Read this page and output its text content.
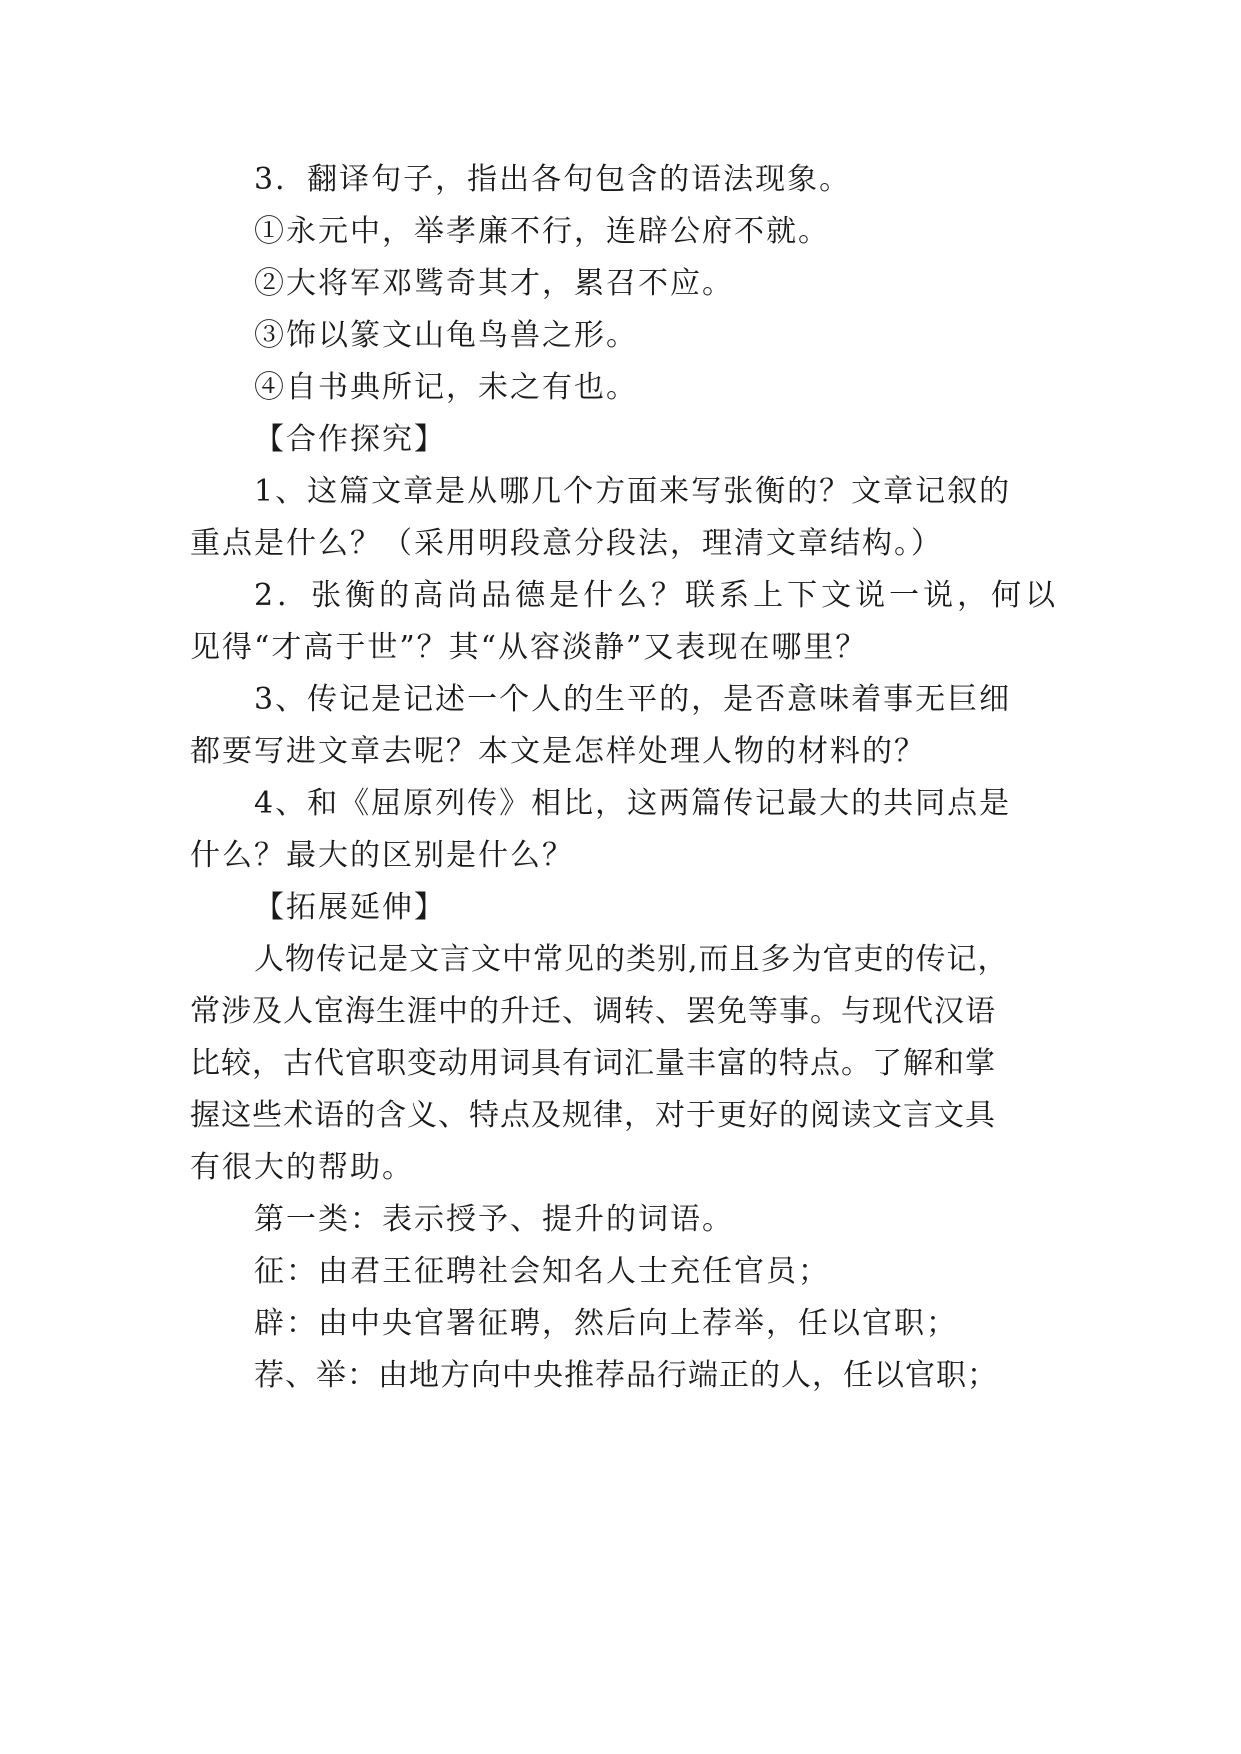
3．翻译句子，指出各句包含的语法现象。
①永元中，举孝廉不行，连辟公府不就。
②大将军邓骘奇其才，累召不应。
③饰以篆文山龟鸟兽之形。
④自书典所记，未之有也。
【合作探究】
1、这篇文章是从哪几个方面来写张衡的？文章记叙的
重点是什么？（采用明段意分段法，理清文章结构。）
2．张衡的高尚品德是什么？联系上下文说一说，何以
见得“才高于世”？其“从容淡静”又表现在哪里？
3、传记是记述一个人的生平的，是否意味着事无巨细
都要写进文章去呢？本文是怎样处理人物的材料的？
4、和《屈原列传》相比，这两篇传记最大的共同点是
什么？最大的区别是什么？
【拓展延伸】
人物传记是文言文中常见的类别,而且多为官吏的传记，
常涉及人宦海生涯中的升迁、调转、罢免等事。与现代汉语
比较，古代官职变动用词具有词汇量丰富的特点。了解和掌
握这些术语的含义、特点及规律，对于更好的阅读文言文具
有很大的帮助。
第一类：表示授予、提升的词语。
征：由君王征聘社会知名人士充任官员；
辟：由中央官署征聘，然后向上荐举，任以官职；
荐、举：由地方向中央推荐品行端正的人，任以官职；
